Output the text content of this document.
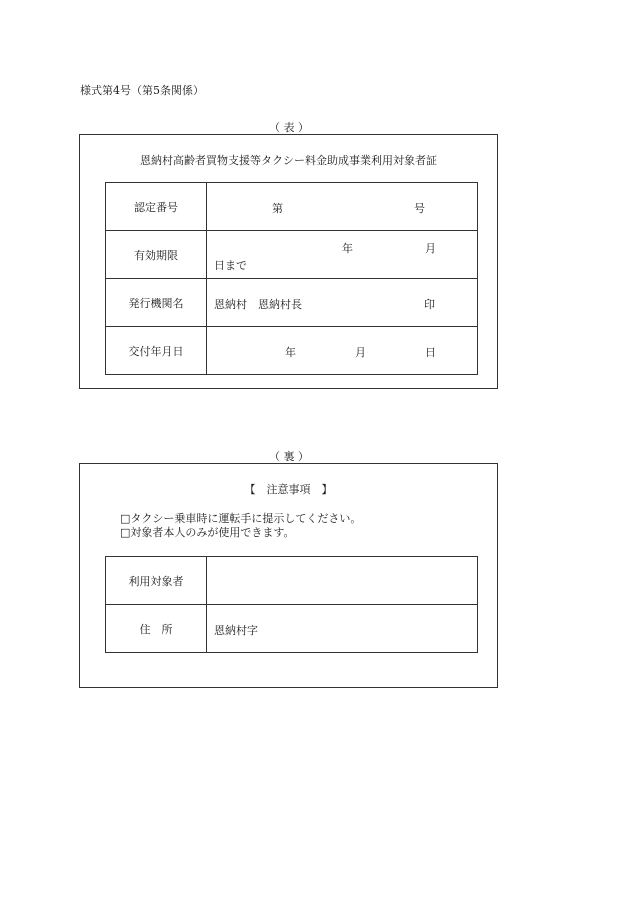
様式第4号（第5条関係）
（ 表 ）
恩納村高齢者買物支援等タクシー料金助成事業利用対象者証
認定番号	第 号

有効期限	年 月
日まで

発行機関名	恩納村　恩納村長 印

交付年月日	年 月 日
（ 裏 ）
【　注意事項　】
□タクシー乗車時に運転手に提示してください。
□対象者本人のみが使用できます。
利用対象者	
住　所	恩納村字
